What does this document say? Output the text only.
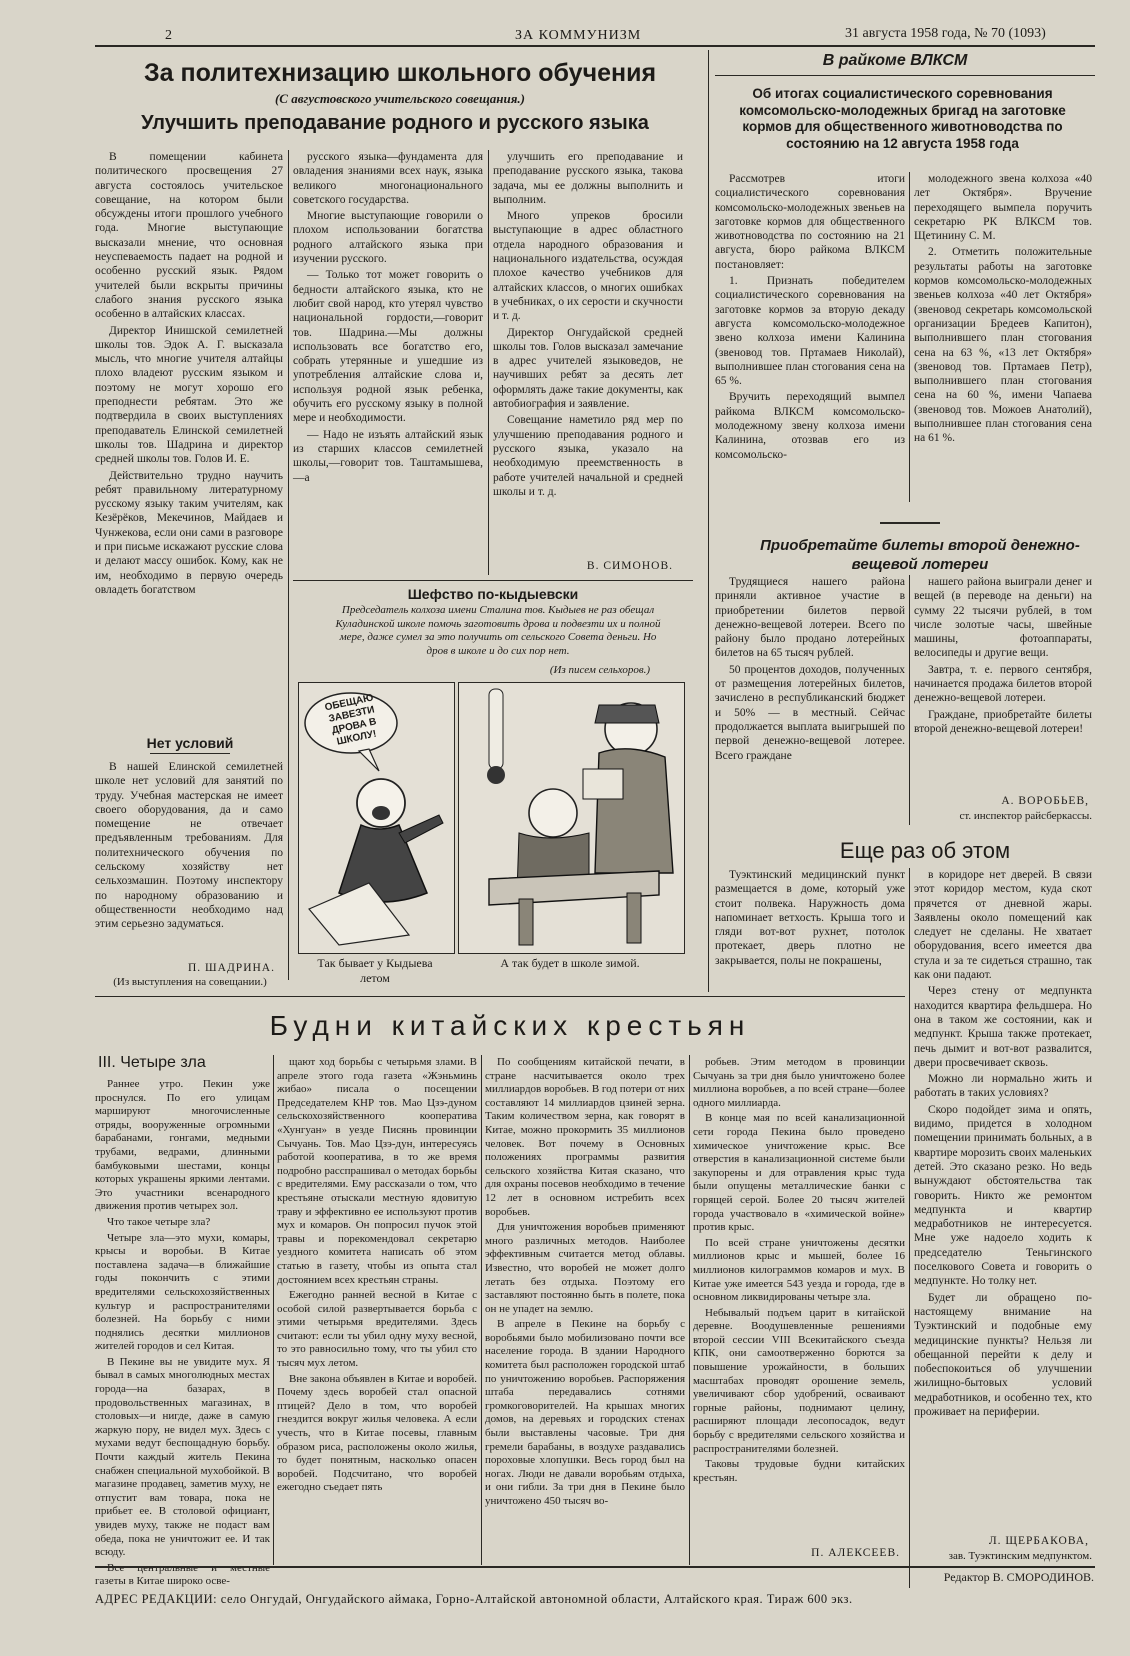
2	ЗА КОММУНИЗМ	31 августа 1958 года, № 70 (1093)
За политехнизацию школьного обучения
(С августовского учительского совещания.)
Улучшить преподавание родного и русского языка

В помещении кабинета политического просвещения 27 августа состоялось учительское совещание, на котором были обсуждены итоги прошлого учебного года. Многие выступающие высказали мнение, что основная неуспеваемость падает на родной и особенно русский язык. Рядом учителей были вскрыты причины слабого знания русского языка особенно в алтайских классах.

Директор Инишской семилетней школы тов. Эдок А. Г. высказала мысль, что многие учителя алтайцы плохо владеют русским языком и поэтому не могут хорошо его преподнести ребятам. Это же подтвердила в своих выступлениях преподаватель Елинской семилетней школы тов. Шадрина и директор средней школы тов. Голов И. Е.

Действительно трудно научить ребят правильному литературному русскому языку таким учителям, как Кезёрёков, Мекечинов, Майдаев и Чунжекова, если они сами в разговоре и при письме искажают русские слова и делают массу ошибок. Кому, как не им, необходимо в первую очередь овладеть богатством

русского языка—фундамента для овладения знаниями всех наук, языка великого многонационального советского государства.

Многие выступающие говорили о плохом использовании богатства родного алтайского языка при изучении русского.

— Только тот может говорить о бедности алтайского языка, кто не любит свой народ, кто утерял чувство национальной гордости,—говорит тов. Шадрина.—Мы должны использовать все богатство его, собрать утерянные и ушедшие из употребления алтайские слова и, используя родной язык ребенка, обучить его русскому языку в полной мере и необходимости.

— Надо не изъять алтайский язык из старших классов семилетней школы,—говорит тов. Таштамышева,—а

улучшить его преподавание и преподавание русского языка, такова задача, мы ее должны выполнить и выполним.

Много упреков бросили выступающие в адрес областного отдела народного образования и национального издательства, осуждая плохое качество учебников для алтайских классов, о многих ошибках в учебниках, о их серости и скучности и т. д.

Директор Онгудайской средней школы тов. Голов высказал замечание в адрес учителей языковедов, не научивших ребят за десять лет оформлять даже такие документы, как автобиография и заявление.

Совещание наметило ряд мер по улучшению преподавания родного и русского языка, указало на необходимую преемственность в работе учителей начальной и средней школы и т. д.

В. СИМОНОВ.
Нет условий

В нашей Елинской семилетней школе нет условий для занятий по труду. Учебная мастерская не имеет своего оборудования, да и само помещение не отвечает предъявленным требованиям. Для политехнического обучения по сельскому хозяйству нет сельхозмашин. Поэтому инспектору по народному образованию и общественности необходимо над этим серьезно задуматься.

П. ШАДРИНА.
(Из выступления на совещании.)
Шефство по-кыдыевски
Председатель колхоза имени Сталина тов. Кыдыев не раз обещал Куладинской школе помочь заготовить дрова и подвезти их и полной мере, даже сумел за это получить от сельского Совета деньги. Но дров в школе и до сих пор нет.
(Из писем сельхоров.)
ОБЕЩАЮ ЗАВЕЗТИ ДРОВА В ШКОЛУ!
Так бывает у Кыдыева летом
А так будет в школе зимой.
В райкоме ВЛКСМ
Об итогах социалистического соревнования комсомольско-молодежных бригад на заготовке кормов для общественного животноводства по состоянию на 12 августа 1958 года

Рассмотрев итоги социалистического соревнования комсомольско-молодежных звеньев на заготовке кормов для общественного животноводства по состоянию на 21 августа, бюро райкома ВЛКСМ постановляет:

1. Признать победителем социалистического соревнования на заготовке кормов за вторую декаду августа комсомольско-молодежное звено колхоза имени Калинина (звеновод тов. Пртамаев Николай), выполнившее план стогования сена на 65 %.

Вручить переходящий вымпел райкома ВЛКСМ комсомольско-молодежному звену колхоза имени Калинина, отозвав его из комсомольско-

молодежного звена колхоза «40 лет Октября». Вручение переходящего вымпела поручить секретарю РК ВЛКСМ тов. Щетинину С. М.

2. Отметить положительные результаты работы на заготовке кормов комсомольско-молодежных звеньев колхоза «40 лет Октября» (звеновод секретарь комсомольской организации Бредеев Капитон), выполнившего план стогования сена на 63 %, «13 лет Октября» (звеновод тов. Пртамаев Петр), выполнившего план стогования сена на 60 %, имени Чапаева (звеновод тов. Можоев Анатолий), выполнившее план стогования сена на 61 %.

Приобретайте билеты второй денежно-вещевой лотереи

Трудящиеся нашего района приняли активное участие в приобретении билетов первой денежно-вещевой лотереи. Всего по району было продано лотерейных билетов на 65 тысяч рублей.

50 процентов доходов, полученных от размещения лотерейных билетов, зачислено в республиканский бюджет и 50% — в местный. Сейчас продолжается выплата выигрышей по первой денежно-вещевой лотерее. Всего граждане

нашего района выиграли денег и вещей (в переводе на деньги) на сумму 22 тысячи рублей, в том числе золотые часы, швейные машины, фотоаппараты, велосипеды и другие вещи.

Завтра, т. е. первого сентября, начинается продажа билетов второй денежно-вещевой лотереи.

Граждане, приобретайте билеты второй денежно-вещевой лотереи!

А. ВОРОБЬЕВ,
ст. инспектор райсберкассы.
Еще раз об этом

Туэктинский медицинский пункт размещается в доме, который уже стоит полвека. Наружность дома напоминает ветхость. Крыша того и гляди вот-вот рухнет, потолок протекает, дверь плотно не закрывается, полы не покрашены,

в коридоре нет дверей. В связи этот коридор местом, куда скот прячется от дневной жары. Заявлены около помещений как следует не сделаны. Не хватает оборудования, всего имеется два стула и за те сидеться страшно, так как они падают.

Через стену от медпункта находится квартира фельдшера. Но она в таком же состоянии, как и медпункт. Крыша также протекает, печь дымит и вот-вот развалится, двери просвечивает сквозь.

Можно ли нормально жить и работать в таких условиях?

Скоро подойдет зима и опять, видимо, придется в холодном помещении принимать больных, а в квартире морозить своих маленьких детей. Это сказано резко. Но ведь вынуждают обстоятельства так говорить. Никто же ремонтом медпункта и квартир медработников не интересуется. Мне уже надоело ходить к председателю Теньгинского поселкового Совета и говорить о медпункте. Но толку нет.

Будет ли обращено по-настоящему внимание на Туэктинский и подобные ему медицинские пункты? Нельзя ли обещанной перейти к делу и побеспокоиться об улучшении жилищно-бытовых условий медработников, и особенно тех, кто проживает на периферии.

Л. ЩЕРБАКОВА,
зав. Туэктинским медпунктом.
Будни китайских крестьян
III. Четыре зла

Раннее утро. Пекин уже проснулся. По его улицам маршируют многочисленные отряды, вооруженные огромными барабанами, гонгами, медными трубами, ведрами, длинными бамбуковыми шестами, концы которых украшены яркими лентами. Это участники всенародного движения против четырех зол.

Что такое четыре зла?

Четыре зла—это мухи, комары, крысы и воробьи. В Китае поставлена задача—в ближайшие годы покончить с этими вредителями сельскохозяйственных культур и распространителями болезней. На борьбу с ними поднялись десятки миллионов жителей городов и сел Китая.

В Пекине вы не увидите мух. Я бывал в самых многолюдных местах города—на базарах, в продовольственных магазинах, в столовых—и нигде, даже в самую жаркую пору, не видел мух. Здесь с мухами ведут беспощадную борьбу. Почти каждый житель Пекина снабжен специальной мухобойкой. В магазине продавец, заметив муху, не отпустит вам товара, пока не прибьет ее. В столовой официант, увидев муху, также не подаст вам обеда, пока не уничтожит ее. И так всюду.

газеты в Китае широко осве-

щают ход борьбы с четырьмя злами. В апреле этого года газета «Жэньминь жибао» писала о посещении Председателем КНР тов. Мао Цзэ-дуном сельскохозяйственного кооператива «Хунгуан» в уезде Писянь провинции Сычуань. Тов. Мао Цзэ-дун, интересуясь работой кооператива, в то же время подробно расспрашивал о методах борьбы с вредителями. Ему рассказали о том, что крестьяне отыскали местную ядовитую траву и эффективно ее используют против мух и комаров. Он попросил пучок этой травы и порекомендовал секретарю уездного комитета написать об этом статью в газету, чтобы из опыта стал достоянием всех крестьян страны.

Ежегодно ранней весной в Китае с особой силой развертывается борьба с этими четырьмя вредителями. Здесь считают: если ты убил одну муху весной, то это равносильно тому, что ты убил сто тысяч мух летом.

Вне закона объявлен в Китае и воробей. Почему здесь воробей стал опасной птицей? Дело в том, что воробей гнездится вокруг жилья человека. А если учесть, что в Китае посевы, главным образом риса, расположены около жилья, то будет понятным, насколько опасен воробей. Подсчитано, что воробей ежегодно съедает пять

По сообщениям китайской печати, в стране насчитывается около трех миллиардов воробьев. В год потери от них составляют 14 миллиардов цзиней зерна. Таким количеством зерна, как говорят в Китае, можно прокормить 35 миллионов человек. Вот почему в Основных положениях программы развития сельского хозяйства Китая сказано, что для охраны посевов необходимо в течение 12 лет в основном истребить всех воробьев.

Для уничтожения воробьев применяют много различных методов. Наиболее эффективным считается метод облавы. Известно, что воробей не может долго летать без отдыха. Поэтому его заставляют постоянно быть в полете, пока он не упадет на землю.

В апреле в Пекине на борьбу с воробьями было мобилизовано почти все население города. В здании Народного комитета был расположен городской штаб по уничтожению воробьев. Распоряжения штаба передавались сотнями громкоговорителей. На крышах многих домов, на деревьях и городских стенах были выставлены часовые. Три дня гремели барабаны, в воздухе раздавались пороховые хлопушки. Весь город был на ногах. Люди не давали воробьям отдыха, и они гибли. За три дня в Пекине было уничтожено 450 тысяч во-

робьев. Этим методом в провинции Сычуань за три дня было уничтожено более миллиона воробьев, а по всей стране—более одного миллиарда.

В конце мая по всей канализационной сети города Пекина было проведено химическое уничтожение крыс. Все отверстия в канализационной системе были закупорены и для отравления крыс туда были опущены металлические банки с горящей серой. Более 20 тысяч жителей города участвовало в «химической войне» против крыс.

По всей стране уничтожены десятки миллионов крыс и мышей, более 16 миллионов килограммов комаров и мух. В Китае уже имеется 543 уезда и города, где в основном ликвидированы четыре зла.

Небывалый подъем царит в китайской деревне. Воодушевленные решениями второй сессии VIII Всекитайского съезда КПК, они самоотверженно борются за повышение урожайности, в больших масштабах проводят орошение земель, увеличивают сбор удобрений, осваивают горные районы, поднимают целину, расширяют площади лесопосадок, ведут борьбу с вредителями сельского хозяйства и распространителями болезней.

Таковы трудовые будни китайских крестьян.

П. АЛЕКСЕЕВ.
Редактор В. СМОРОДИНОВ.
АДРЕС РЕДАКЦИИ: село Онгудай, Онгудайского аймака, Горно-Алтайской автономной области, Алтайского края. Тираж 600 экз.
